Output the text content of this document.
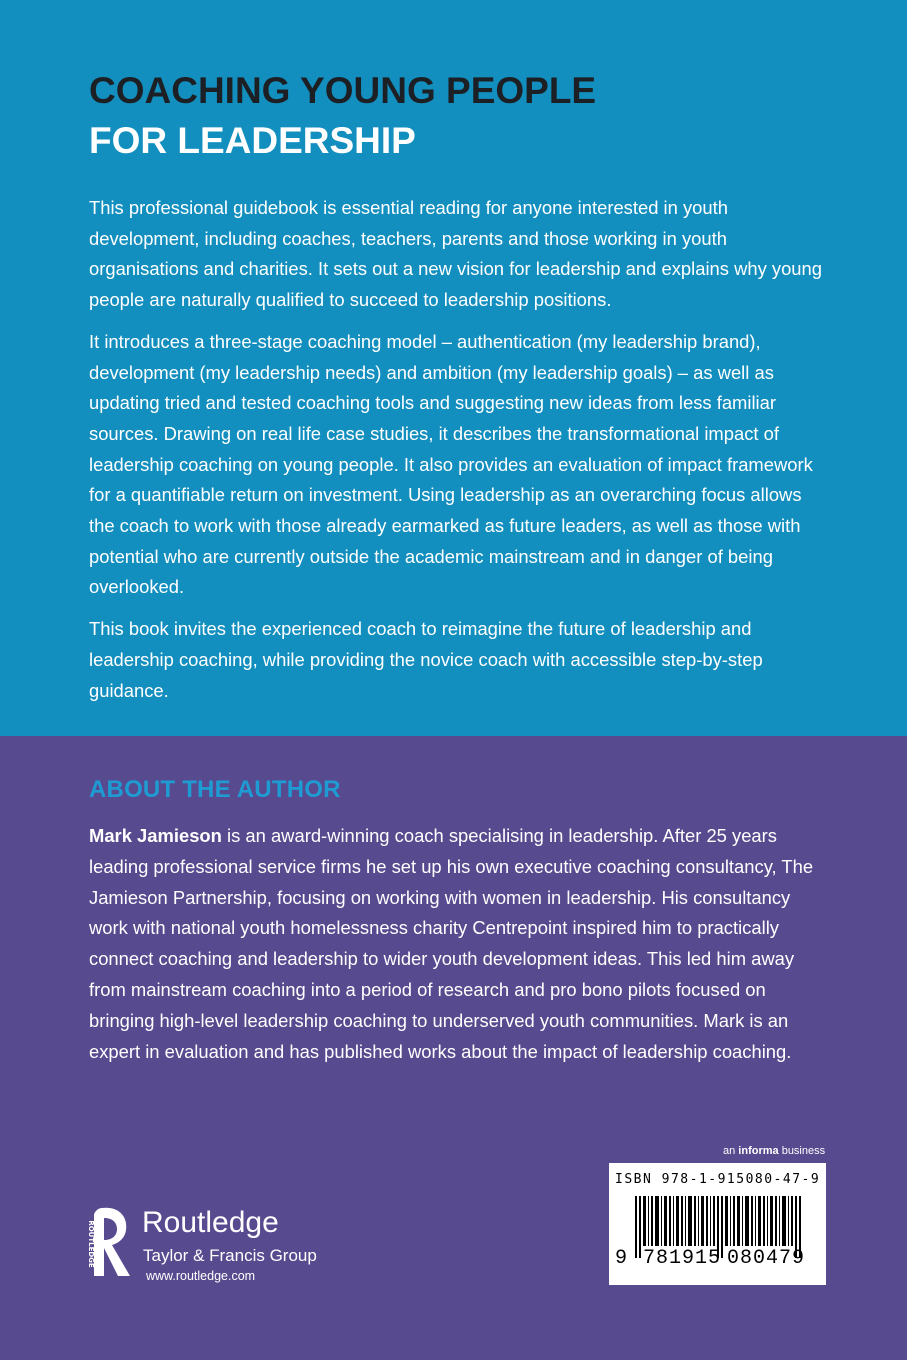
COACHING YOUNG PEOPLE
FOR LEADERSHIP

This professional guidebook is essential reading for anyone interested in youth development, including coaches, teachers, parents and those working in youth organisations and charities. It sets out a new vision for leadership and explains why young people are naturally qualified to succeed to leadership positions.

It introduces a three-stage coaching model – authentication (my leadership brand), development (my leadership needs) and ambition (my leadership goals) – as well as updating tried and tested coaching tools and suggesting new ideas from less familiar sources. Drawing on real life case studies, it describes the transformational impact of leadership coaching on young people. It also provides an evaluation of impact framework for a quantifiable return on investment. Using leadership as an overarching focus allows the coach to work with those already earmarked as future leaders, as well as those with potential who are currently outside the academic mainstream and in danger of being overlooked.

This book invites the experienced coach to reimagine the future of leadership and leadership coaching, while providing the novice coach with accessible step-by-step guidance.

ABOUT THE AUTHOR

Mark Jamieson is an award-winning coach specialising in leadership. After 25 years leading professional service firms he set up his own executive coaching consultancy, The Jamieson Partnership, focusing on working with women in leadership. His consultancy work with national youth homelessness charity Centrepoint inspired him to practically connect coaching and leadership to wider youth development ideas. This led him away from mainstream coaching into a period of research and pro bono pilots focused on bringing high-level leadership coaching to underserved youth communities. Mark is an expert in evaluation and has published works about the impact of leadership coaching.

ROUTLEDGE Routledge

Taylor & Francis Group

www.routledge.com

an informa business

ISBN 978-1-915080-47-9

9 781915 080479
